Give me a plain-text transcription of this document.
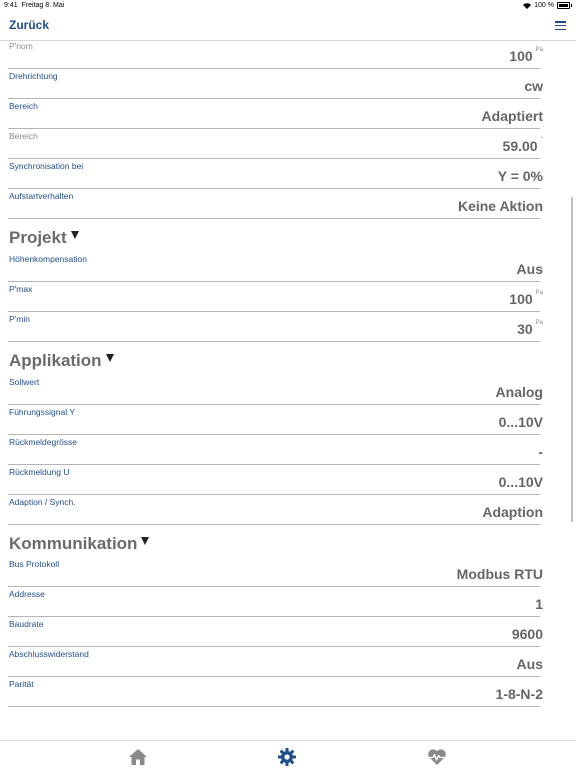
9:41 Freitag 8. Mai	100 %
Zurück
P'nom
100 $^{Pa}$
Drehrichtung
cw
Bereich
Adaptiert
Bereich
59.00 °
Synchronisation bei
Y = 0%
Aufstartverhalten
Keine Aktion
Projekt
Höhenkompensation
Aus
P'max
100 $^{Pa}$
P'min
30 $^{Pa}$
Applikation
Sollwert
Analog
Führungssignal Y
0...10V
Rückmeldegrösse
-
Rückmeldung U
0...10V
Adaption / Synch.
Adaption
Kommunikation
Bus Protokoll
Modbus RTU
Addresse
1
Baudrate
9600
Abschlusswiderstand
Aus
Parität
1-8-N-2
